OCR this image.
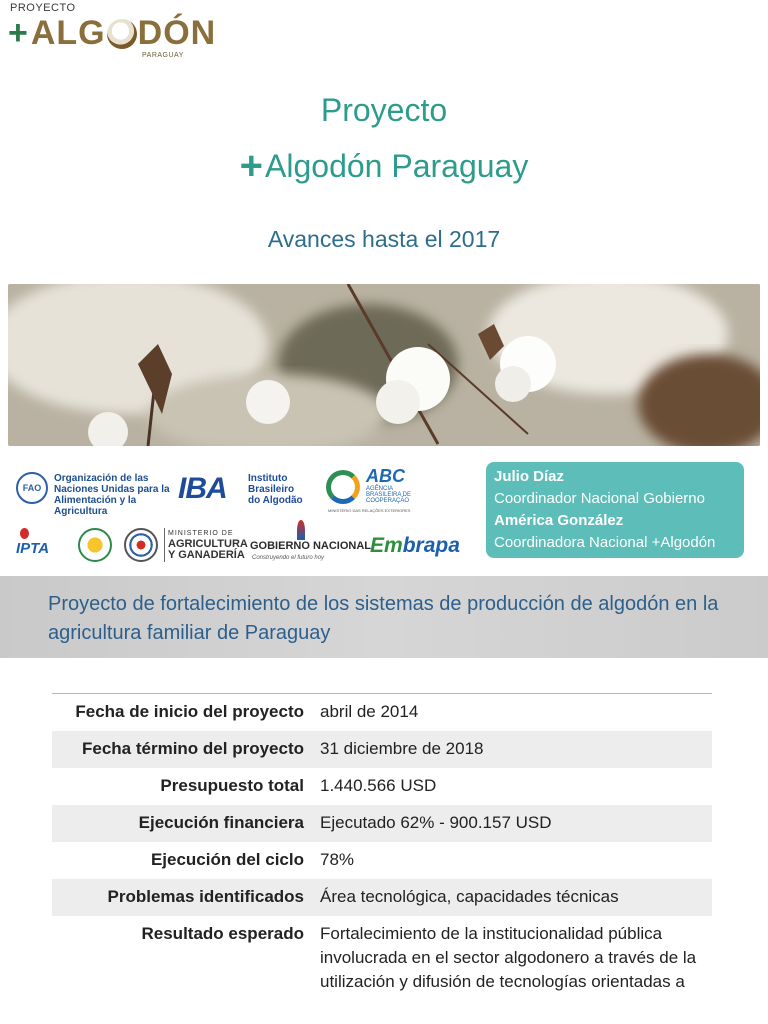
PROYECTO
+ ALG DÓN
PARAGUAY
Proyecto
+Algodón Paraguay
Avances hasta el 2017
FAO
Organización de las Naciones Unidas para la Alimentación y la Agricultura
IBA Instituto
Brasileiro
do Algodão
ABC
AGÊNCIA BRASILEIRA DE COOPERAÇÃO
MINISTÉRIO DAS RELAÇÕES EXTERIORES
IPTA
MINISTERIO DE
AGRICULTURA
Y GANADERÍA
GOBIERNO NACIONAL
Construyendo el futuro hoy
Embrapa
Julio Díaz
Coordinador Nacional Gobierno
América González
Coordinadora Nacional +Algodón
Proyecto de fortalecimiento de los sistemas de producción de algodón en la agricultura familiar de Paraguay
Fecha de inicio del proyecto abril de 2014
Fecha término del proyecto 31 diciembre de 2018
Presupuesto total 1.440.566 USD
Ejecución financiera Ejecutado 62% - 900.157 USD
Ejecución del ciclo 78%
Problemas identificados Área tecnológica, capacidades técnicas
Resultado esperado Fortalecimiento de la institucionalidad pública involucrada en el sector algodonero a través de la utilización y difusión de tecnologías orientadas a
